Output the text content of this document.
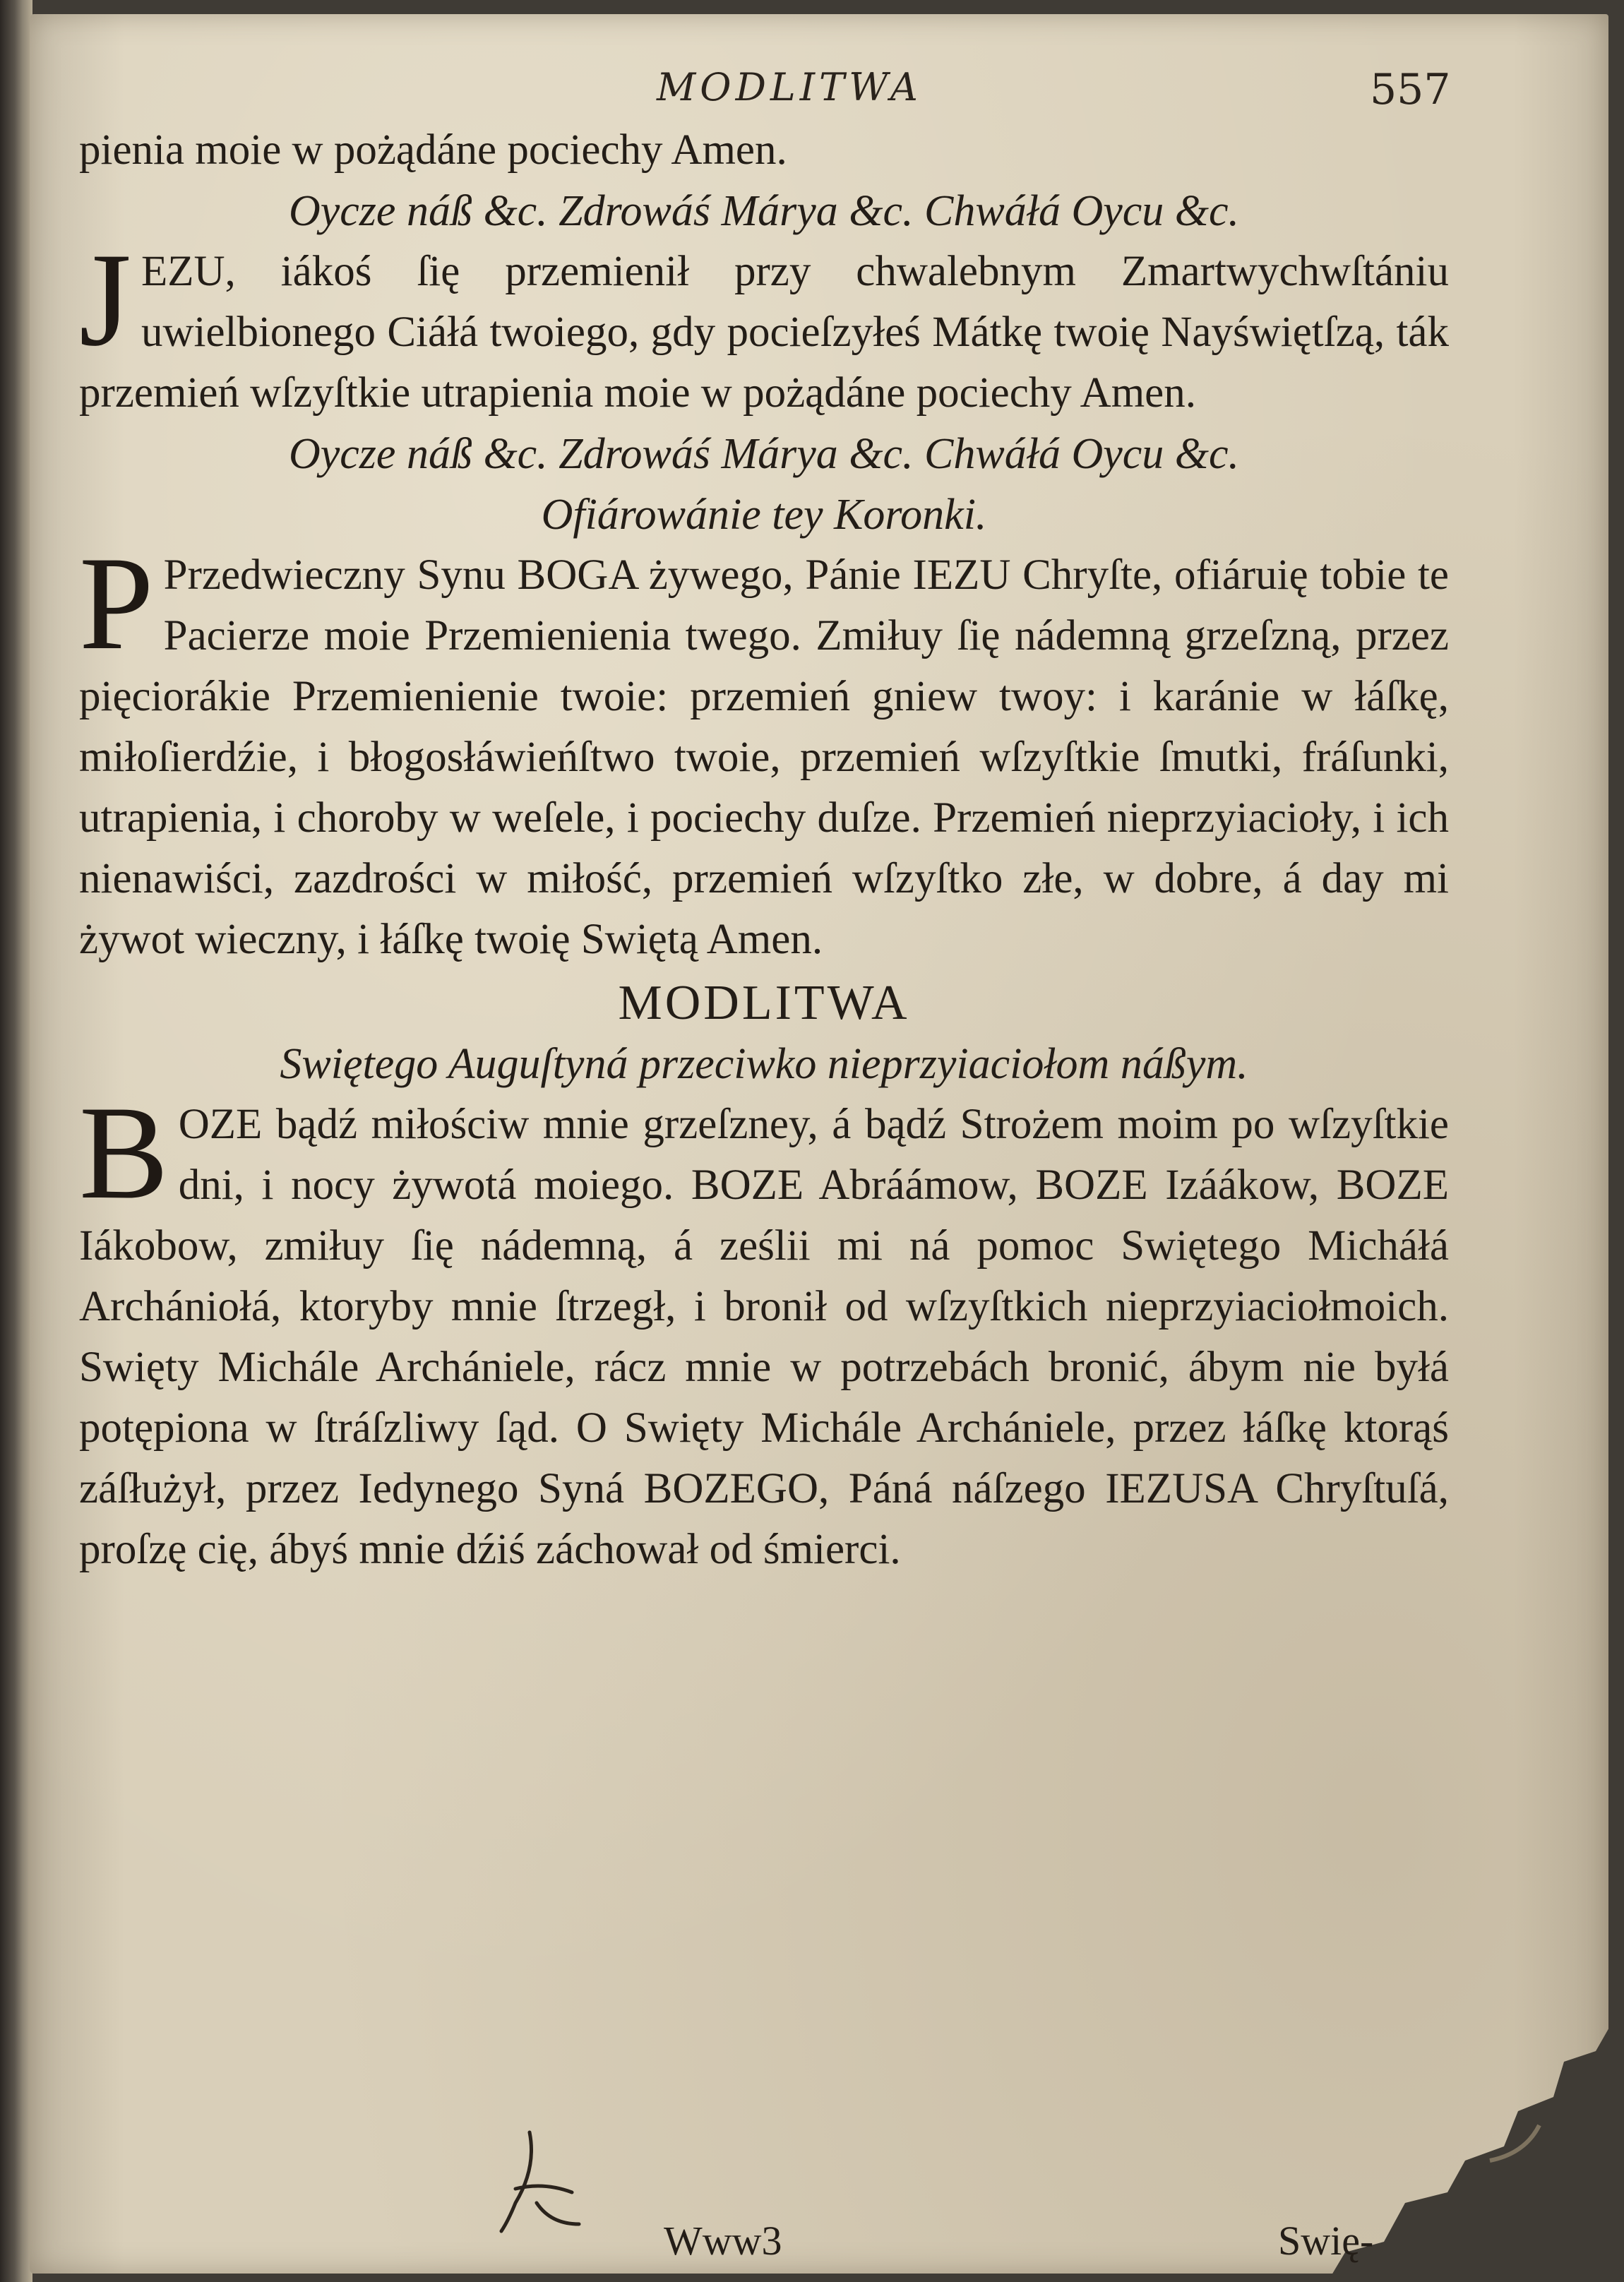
MODLITWA	557

pienia moie w pożądáne pociechy Amen.

Oycze náß &c. Zdrowáś Márya &c. Chwáłá Oycu &c.

JEZU, iákoś ſię przemienił przy chwalebnym Zmartwychwſtániu uwielbionego Ciáłá twoiego, gdy pocieſzyłeś Mátkę twoię Nayświętſzą, ták przemień wſzyſtkie utrapienia moie w pożądáne pociechy Amen.

Oycze náß &c. Zdrowáś Márya &c. Chwáłá Oycu &c.

Ofiárowánie tey Koronki.

P Przedwieczny Synu BOGA żywego, Pánie IEZU Chryſte, ofiáruię tobie te Pacierze moie Przemienienia twego. Zmiłuy ſię nádemną grzeſzną, przez pięciorákie Przemienienie twoie: przemień gniew twoy: i karánie w łáſkę, miłoſierdźie, i błogosłáwieńſtwo twoie, przemień wſzyſtkie ſmutki, fráſunki, utrapienia, i choroby w weſele, i pociechy duſze. Przemień nieprzyiacioły, i ich nienawiści, zazdrości w miłość, przemień wſzyſtko złe, w dobre, á day mi żywot wieczny, i łáſkę twoię Swiętą Amen.

MODLITWA

Swiętego Auguſtyná przeciwko nieprzyiaciołom náßym.

BOZE bądź miłościw mnie grzeſzney, á bądź Strożem moim po wſzyſtkie dni, i nocy żywotá moiego. BOZE Abráámow, BOZE Izáákow, BOZE Iákobow, zmiłuy ſię nádemną, á ześlii mi ná pomoc Swiętego Micháłá Archániołá, ktoryby mnie ſtrzegł, i bronił od wſzyſtkich nieprzyiaciołmoich. Swięty Michále Archániele, rácz mnie w potrzebách bronić, ábym nie byłá potępiona w ſtráſzliwy ſąd. O Swięty Michále Archániele, przez łáſkę ktorąś záſłużył, przez Iedynego Syná BOZEGO, Páná náſzego IEZUSA Chryſtuſá, proſzę cię, ábyś mnie dźiś záchował od śmierci.

Www3	Swię-
